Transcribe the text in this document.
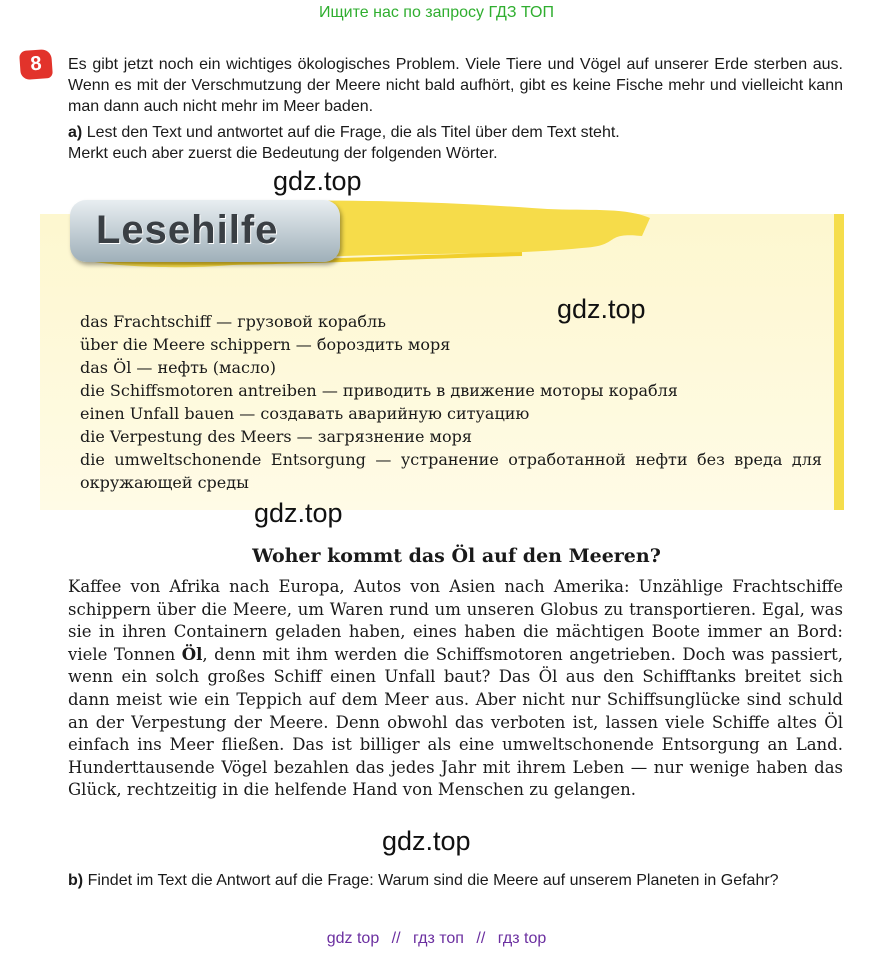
Ищите нас по запросу ГДЗ ТОП
8	Es gibt jetzt noch ein wichtiges ökologisches Problem. Viele Tiere und Vögel auf unserer Erde sterben aus. Wenn es mit der Verschmutzung der Meere nicht bald aufhört, gibt es keine Fische mehr und vielleicht kann man dann auch nicht mehr im Meer baden.

a) Lest den Text und antwortet auf die Frage, die als Titel über dem Text steht.
Merkt euch aber zuerst die Bedeutung der folgenden Wörter.

Lesehilfe
das Frachtschiff — грузовой корабль
über die Meere schippern — бороздить моря
das Öl — нефть (масло)
die Schiffsmotoren antreiben — приводить в движение моторы корабля
einen Unfall bauen — создавать аварийную ситуацию
die Verpestung des Meers — загрязнение моря
die umweltschonende Entsorgung — устранение отработанной нефти без вреда для окружающей среды
gdz.top
gdz.top
gdz.top
gdz.top
Woher kommt das Öl auf den Meeren?

Kaffee von Afrika nach Europa, Autos von Asien nach Amerika: Unzählige Frachtschiffe schippern über die Meere, um Waren rund um unseren Globus zu transportieren. Egal, was sie in ihren Containern geladen haben, eines haben die mächtigen Boote immer an Bord: viele Tonnen Öl, denn mit ihm werden die Schiffsmotoren angetrieben. Doch was passiert, wenn ein solch großes Schiff einen Unfall baut? Das Öl aus den Schifftanks breitet sich dann meist wie ein Teppich auf dem Meer aus. Aber nicht nur Schiffsunglücke sind schuld an der Verpestung der Meere. Denn obwohl das verboten ist, lassen viele Schiffe altes Öl einfach ins Meer fließen. Das ist billiger als eine umweltschonende Entsorgung an Land. Hunderttausende Vögel bezahlen das jedes Jahr mit ihrem Leben — nur wenige haben das Glück, rechtzeitig in die helfende Hand von Menschen zu gelangen.

b) Findet im Text die Antwort auf die Frage: Warum sind die Meere auf unserem Planeten in Gefahr?

gdz top // гдз топ // гдз top
